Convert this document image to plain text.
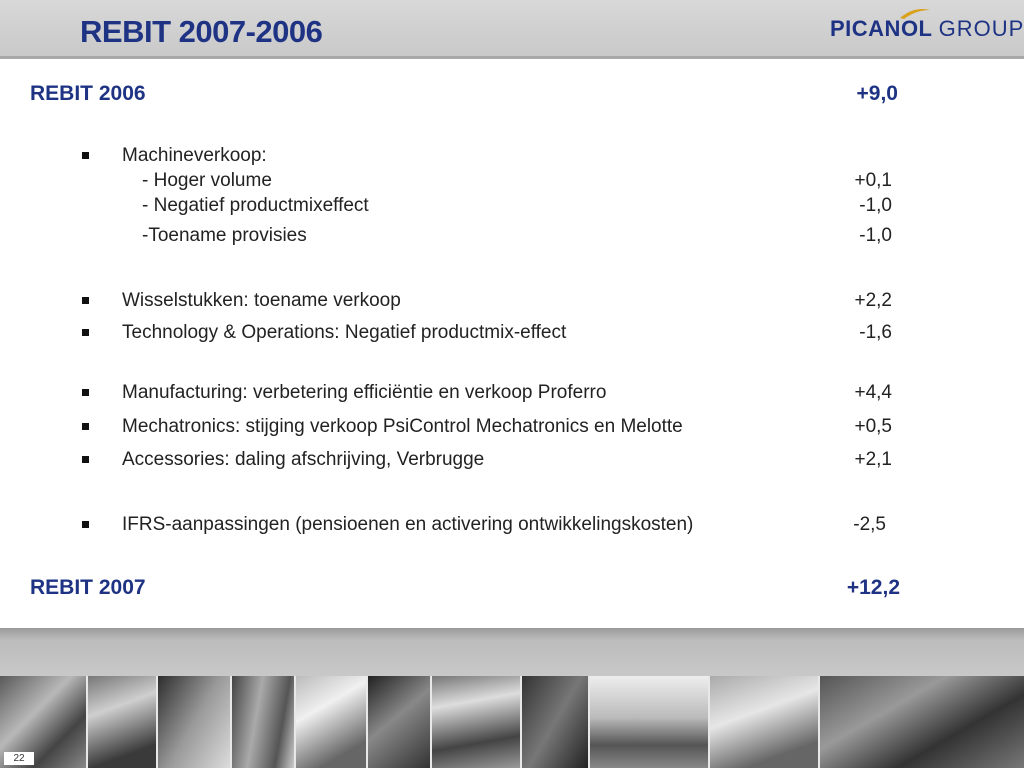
REBIT 2007-2006	PICANOL GROUP
REBIT 2006	+9,0
Machineverkoop:
- Hoger volume	+0,1
- Negatief productmixeffect	-1,0
-Toename provisies	-1,0
Wisselstukken: toename verkoop	+2,2
Technology & Operations: Negatief productmix-effect	-1,6
Manufacturing: verbetering efficiëntie en verkoop Proferro	+4,4
Mechatronics: stijging verkoop PsiControl Mechatronics en Melotte	+0,5
Accessories: daling afschrijving, Verbrugge	+2,1
IFRS-aanpassingen (pensioenen en activering ontwikkelingskosten)	-2,5
REBIT 2007	+12,2
22
